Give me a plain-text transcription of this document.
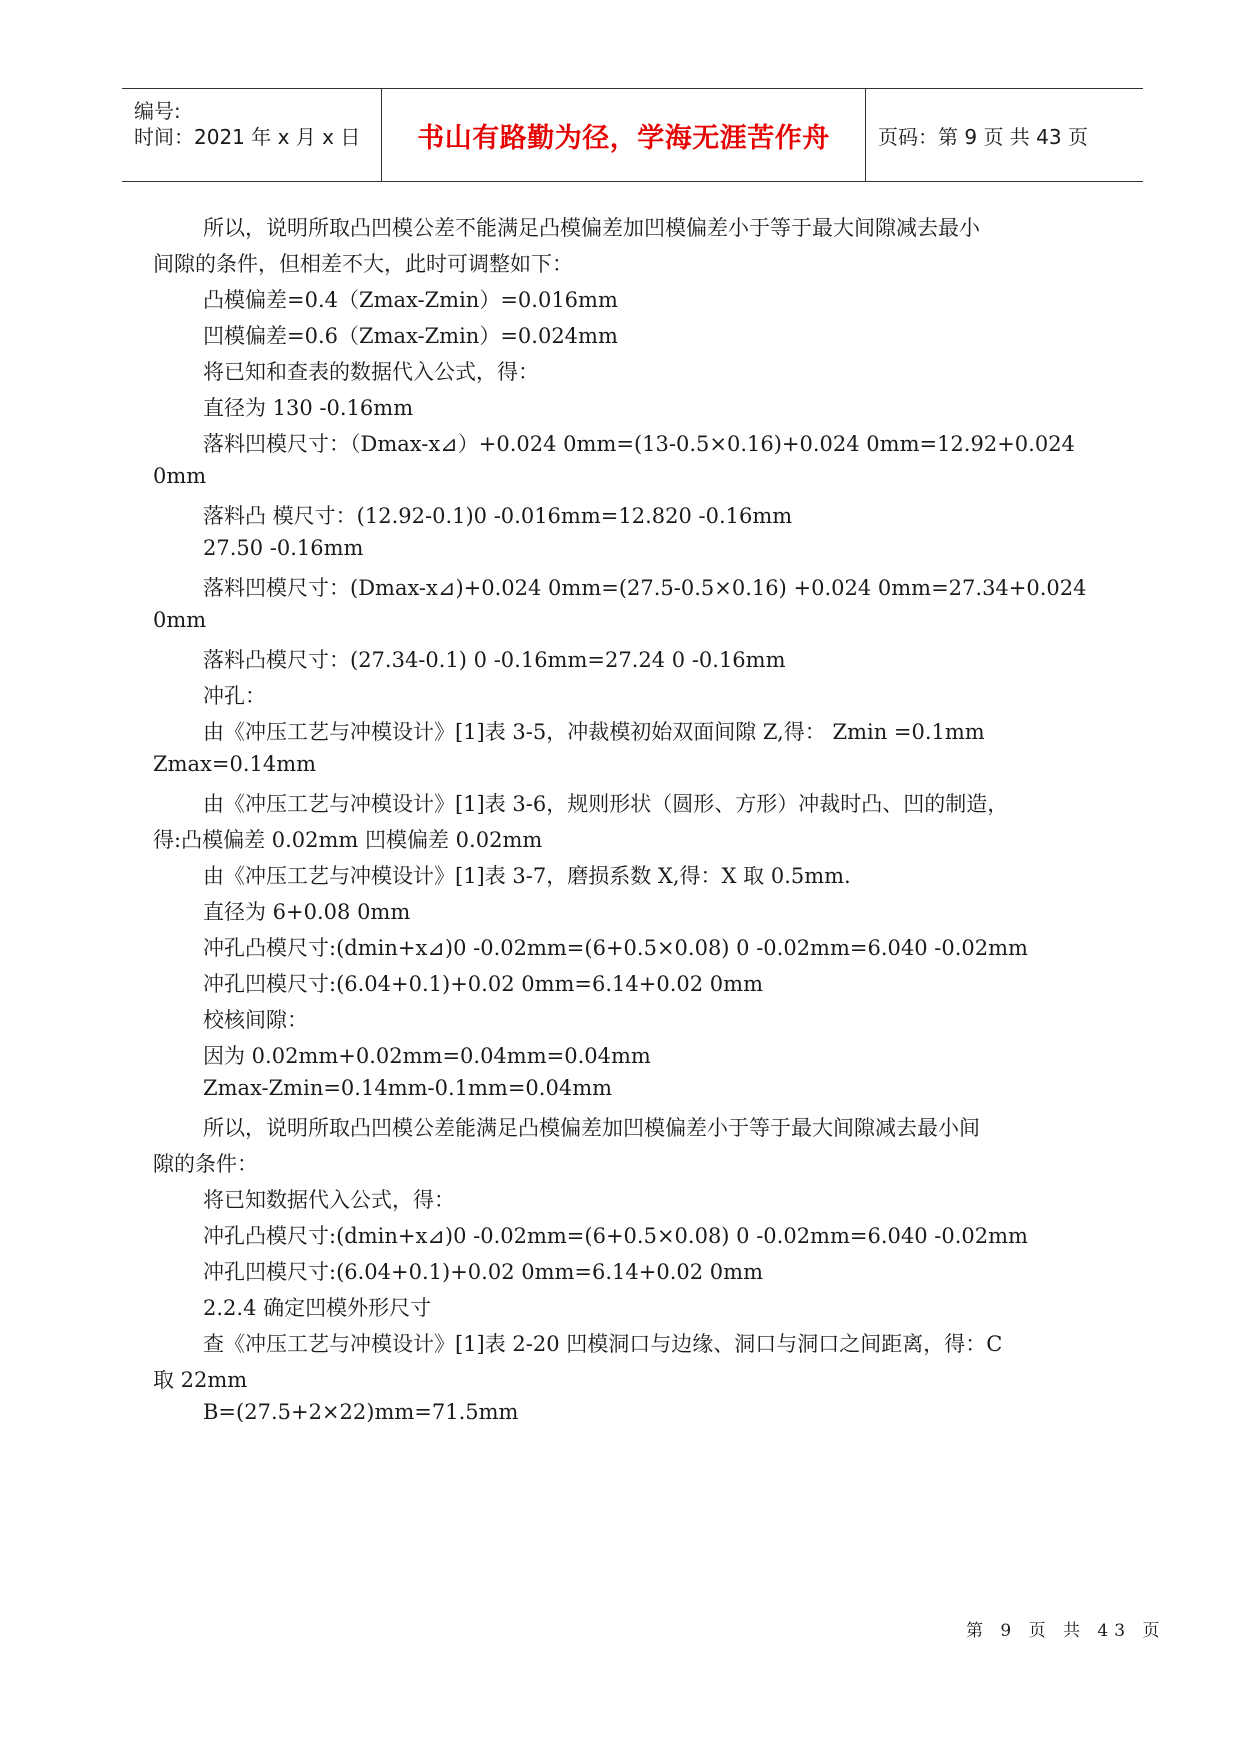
编号:
时间：2021 年 x 月 x 日 书山有路勤为径，学海无涯苦作舟 页码：第 9 页 共 43 页
所以，说明所取凸凹模公差不能满足凸模偏差加凹模偏差小于等于最大间隙减去最小
间隙的条件，但相差不大，此时可调整如下：
凸模偏差=0.4（Zmax-Zmin）=0.016mm
凹模偏差=0.6（Zmax-Zmin）=0.024mm
将已知和查表的数据代入公式，得：
直径为 130 -0.16mm
落料凹模尺寸：（Dmax-x⊿）+0.024 0mm=(13-0.5×0.16)+0.024 0mm=12.92+0.024
0mm
落料凸 模尺寸：(12.92-0.1)0 -0.016mm=12.820 -0.16mm
27.50 -0.16mm
落料凹模尺寸：(Dmax-x⊿)+0.024 0mm=(27.5-0.5×0.16) +0.024 0mm=27.34+0.024
0mm
落料凸模尺寸：(27.34-0.1) 0 -0.16mm=27.24 0 -0.16mm
冲孔：
由《冲压工艺与冲模设计》[1]表 3-5，冲裁模初始双面间隙 Z,得： Zmin =0.1mm
Zmax=0.14mm
由《冲压工艺与冲模设计》[1]表 3-6，规则形状（圆形、方形）冲裁时凸、凹的制造，
得:凸模偏差 0.02mm 凹模偏差 0.02mm
由《冲压工艺与冲模设计》[1]表 3-7，磨损系数 X,得：X 取 0.5mm.
直径为 6+0.08 0mm
冲孔凸模尺寸:(dmin+x⊿)0 -0.02mm=(6+0.5×0.08) 0 -0.02mm=6.040 -0.02mm
冲孔凹模尺寸:(6.04+0.1)+0.02 0mm=6.14+0.02 0mm
校核间隙：
因为 0.02mm+0.02mm=0.04mm=0.04mm
Zmax-Zmin=0.14mm-0.1mm=0.04mm
所以，说明所取凸凹模公差能满足凸模偏差加凹模偏差小于等于最大间隙减去最小间
隙的条件：
将已知数据代入公式，得：
冲孔凸模尺寸:(dmin+x⊿)0 -0.02mm=(6+0.5×0.08) 0 -0.02mm=6.040 -0.02mm
冲孔凹模尺寸:(6.04+0.1)+0.02 0mm=6.14+0.02 0mm
2.2.4 确定凹模外形尺寸
查《冲压工艺与冲模设计》[1]表 2-20 凹模洞口与边缘、洞口与洞口之间距离，得：C
取 22mm
B=(27.5+2×22)mm=71.5mm
第 9 页 共 43 页
